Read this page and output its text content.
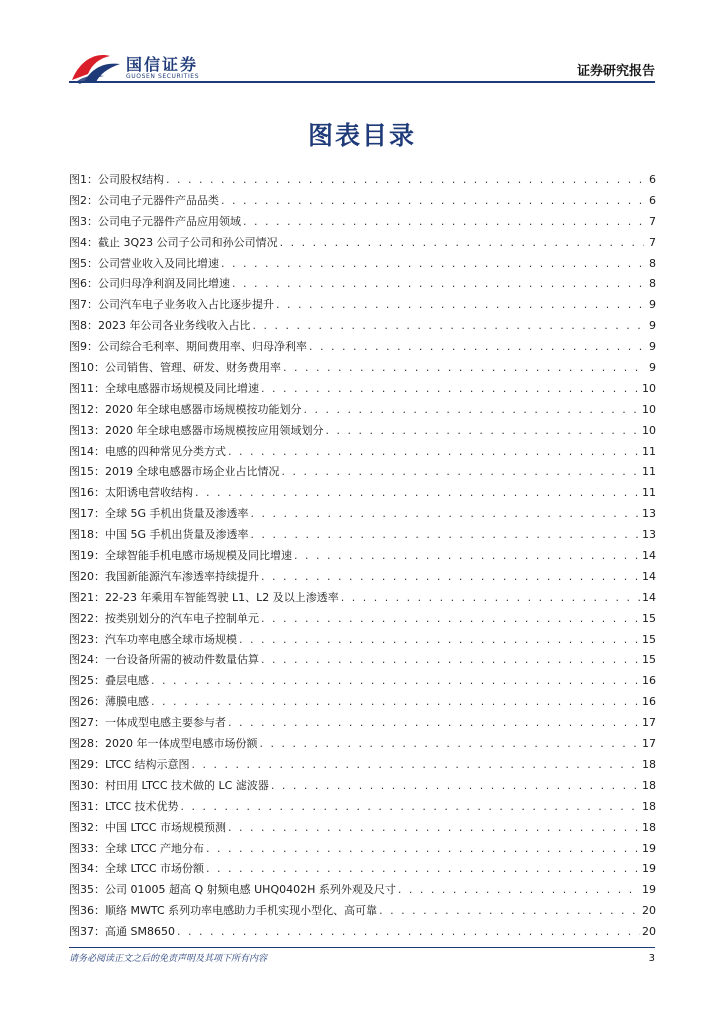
国信证券
GUOSEN SECURITIES	证券研究报告
图表目录
图1： 公司股权结构 . . .	6
图2： 公司电子元器件产品品类 . . .	6
图3： 公司电子元器件产品应用领域 . . .	7
图4： 截止 3Q23 公司子公司和孙公司情况 . . .	7
图5： 公司营业收入及同比增速 . . .	8
图6： 公司归母净利润及同比增速 . . .	8
图7： 公司汽车电子业务收入占比逐步提升 . . .	9
图8： 2023 年公司各业务线收入占比 . . .	9
图9： 公司综合毛利率、期间费用率、归母净利率 . . .	9
图10： 公司销售、管理、研发、财务费用率 . . .	9
图11： 全球电感器市场规模及同比增速 . . .	10
图12： 2020 年全球电感器市场规模按功能划分 . . .	10
图13： 2020 年全球电感器市场规模按应用领域划分 . . .	10
图14： 电感的四种常见分类方式 . . .	11
图15： 2019 全球电感器市场企业占比情况 . . .	11
图16： 太阳诱电营收结构 . . .	11
图17： 全球 5G 手机出货量及渗透率 . . .	13
图18： 中国 5G 手机出货量及渗透率 . . .	13
图19： 全球智能手机电感市场规模及同比增速 . . .	14
图20： 我国新能源汽车渗透率持续提升 . . .	14
图21： 22-23 年乘用车智能驾驶 L1、L2 及以上渗透率 . . .	14
图22： 按类别划分的汽车电子控制单元 . . .	15
图23： 汽车功率电感全球市场规模 . . .	15
图24： 一台设备所需的被动件数量估算 . . .	15
图25： 叠层电感 . . .	16
图26： 薄膜电感 . . .	16
图27： 一体成型电感主要参与者 . . .	17
图28： 2020 年一体成型电感市场份额 . . .	17
图29： LTCC 结构示意图 . . .	18
图30： 村田用 LTCC 技术做的 LC 滤波器 . . .	18
图31： LTCC 技术优势 . . .	18
图32： 中国 LTCC 市场规模预测 . . .	18
图33： 全球 LTCC 产地分布 . . .	19
图34： 全球 LTCC 市场份额 . . .	19
图35： 公司 01005 超高 Q 射频电感 UHQ0402H 系列外观及尺寸 . . .	19
图36： 顺络 MWTC 系列功率电感助力手机实现小型化、高可靠 . . .	20
图37： 高通 SM8650 . . .	20
请务必阅读正文之后的免责声明及其项下所有内容	3
